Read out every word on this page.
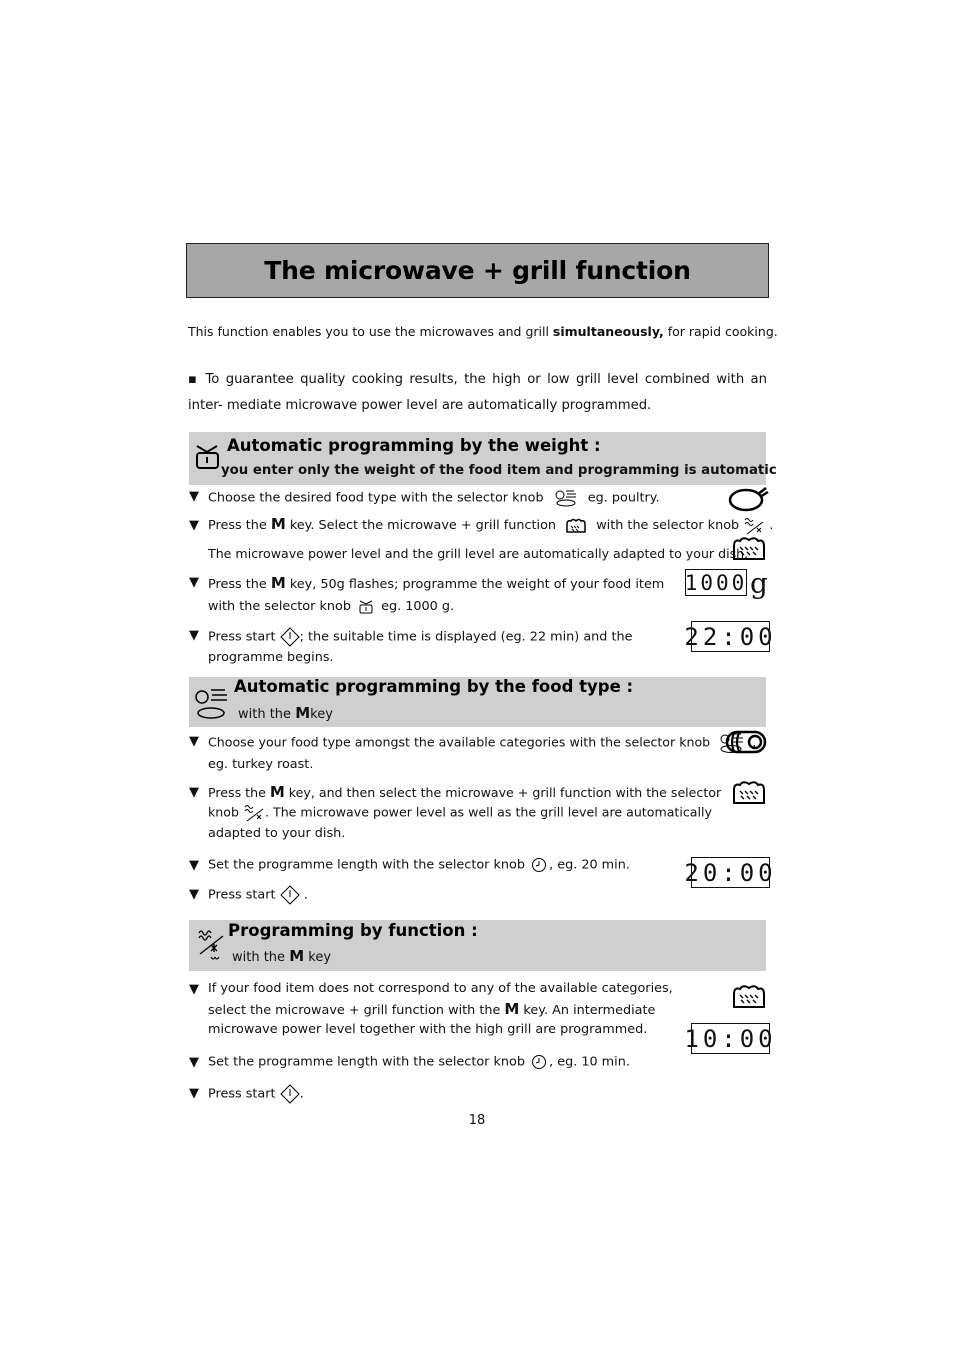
The microwave + grill function
This function enables you to use the microwaves and grill simultaneously, for rapid cooking.
▪ To guarantee quality cooking results, the high or low grill level combined with an inter- mediate microwave power level are automatically programmed.
Automatic programming by the weight :
you enter only the weight of the food item and programming is automatic
▼ Choose the desired food type with the selector knob	eg. poultry.
▼ Press the M key. Select the microwave + grill function	with the selector knob .
The microwave power level and the grill level are automatically adapted to your dish.
▼ Press the M key, 50g flashes; programme the weight of your food item
with the selector knob eg. 1000 g.
1000 g
▼ Press start ; the suitable time is displayed (eg. 22 min) and the
programme begins.
22:00
Automatic programming by the food type :
with the Mkey
▼ Choose your food type amongst the available categories with the selector knob	,
eg. turkey roast.
▼ Press the M key, and then select the microwave + grill function with the selector
knob . The microwave power level as well as the grill level are automatically
adapted to your dish.
▼ Set the programme length with the selector knob , eg. 20 min. 20:00
▼ Press start .
Programming by function :
with the M key
▼ If your food item does not correspond to any of the available categories,
select the microwave + grill function with the M key. An intermediate
microwave power level together with the high grill are programmed. 10:00
▼ Set the programme length with the selector knob , eg. 10 min.
▼ Press start .
18
